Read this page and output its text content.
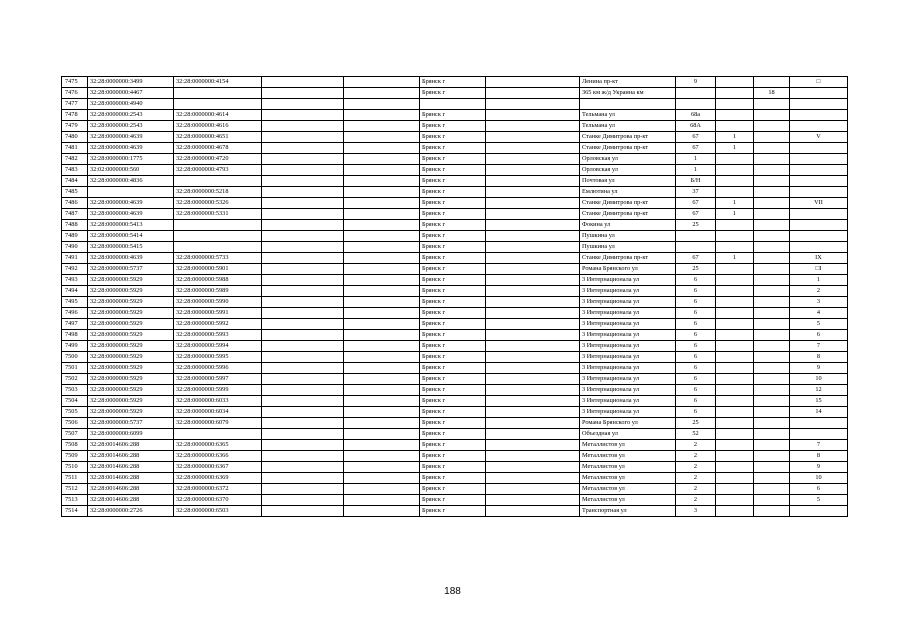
7475	32:28:0000000:3499	32:28:0000000:4154			Брянск г		Ленина пр-кт	9			□
7476	32:28:0000000:4467				Брянск г		365 км ж/д Украина км			18	
7477	32:28:0000000:4940										
7478	32:28:0000000:2543	32:28:0000000:4614			Брянск г		Тельмана ул	68а			
7479	32:28:0000000:2543	32:28:0000000:4616			Брянск г		Тельмана ул	68А			
7480	32:28:0000000:4639	32:28:0000000:4651			Брянск г		Станке Димитрова пр-кт	67	1		V
7481	32:28:0000000:4639	32:28:0000000:4678			Брянск г		Станке Димитрова пр-кт	67	1		
7482	32:28:0000000:1775	32:28:0000000:4720			Брянск г		Орловская ул	1			
7483	32:02:0000000:560	32:28:0000000:4793			Брянск г		Орловская ул	1			
7484	32:28:0000000:4836				Брянск г		Почтовая ул	Б/Н			
7485		32:28:0000000:5218			Брянск г		Емлютина ул	37			
7486	32:28:0000000:4639	32:28:0000000:5326			Брянск г		Станке Димитрова пр-кт	67	1		VII
7487	32:28:0000000:4639	32:28:0000000:5331			Брянск г		Станке Димитрова пр-кт	67	1		
7488	32:28:0000000:5413				Брянск г		Фокина ул	25			
7489	32:28:0000000:5414				Брянск г		Пушкина ул				
7490	32:28:0000000:5415				Брянск г		Пушкина ул				
7491	32:28:0000000:4639	32:28:0000000:5733			Брянск г		Станке Димитрова пр-кт	67	1		IX
7492	32:28:0000000:5737	32:28:0000000:5901			Брянск г		Романа Брянского ул	25			□I
7493	32:28:0000000:5929	32:28:0000000:5988			Брянск г		3 Интернационала ул	6			1
7494	32:28:0000000:5929	32:28:0000000:5989			Брянск г		3 Интернационала ул	6			2
7495	32:28:0000000:5929	32:28:0000000:5990			Брянск г		3 Интернационала ул	6			3
7496	32:28:0000000:5929	32:28:0000000:5991			Брянск г		3 Интернационала ул	6			4
7497	32:28:0000000:5929	32:28:0000000:5992			Брянск г		3 Интернационала ул	6			5
7498	32:28:0000000:5929	32:28:0000000:5993			Брянск г		3 Интернационала ул	6			6
7499	32:28:0000000:5929	32:28:0000000:5994			Брянск г		3 Интернационала ул	6			7
7500	32:28:0000000:5929	32:28:0000000:5995			Брянск г		3 Интернационала ул	6			8
7501	32:28:0000000:5929	32:28:0000000:5996			Брянск г		3 Интернационала ул	6			9
7502	32:28:0000000:5929	32:28:0000000:5997			Брянск г		3 Интернационала ул	6			10
7503	32:28:0000000:5929	32:28:0000000:5999			Брянск г		3 Интернационала ул	6			12
7504	32:28:0000000:5929	32:28:0000000:6033			Брянск г		3 Интернационала ул	6			15
7505	32:28:0000000:5929	32:28:0000000:6034			Брянск г		3 Интернационала ул	6			14
7506	32:28:0000000:5737	32:28:0000000:6079			Брянск г		Романа Брянского ул	25			
7507	32:28:0000000:6099				Брянск г		Объездная ул	52			
7508	32:28:0014606:288	32:28:0000000:6365			Брянск г		Металлистов ул	2			7
7509	32:28:0014606:288	32:28:0000000:6366			Брянск г		Металлистов ул	2			8
7510	32:28:0014606:288	32:28:0000000:6367			Брянск г		Металлистов ул	2			9
7511	32:28:0014606:288	32:28:0000000:6369			Брянск г		Металлистов ул	2			10
7512	32:28:0014606:288	32:28:0000000:6372			Брянск г		Металлистов ул	2			6
7513	32:28:0014606:288	32:28:0000000:6370			Брянск г		Металлистов ул	2			5
7514	32:28:0000000:2726	32:28:0000000:6503			Брянск г		Транспортная ул	3			
188
